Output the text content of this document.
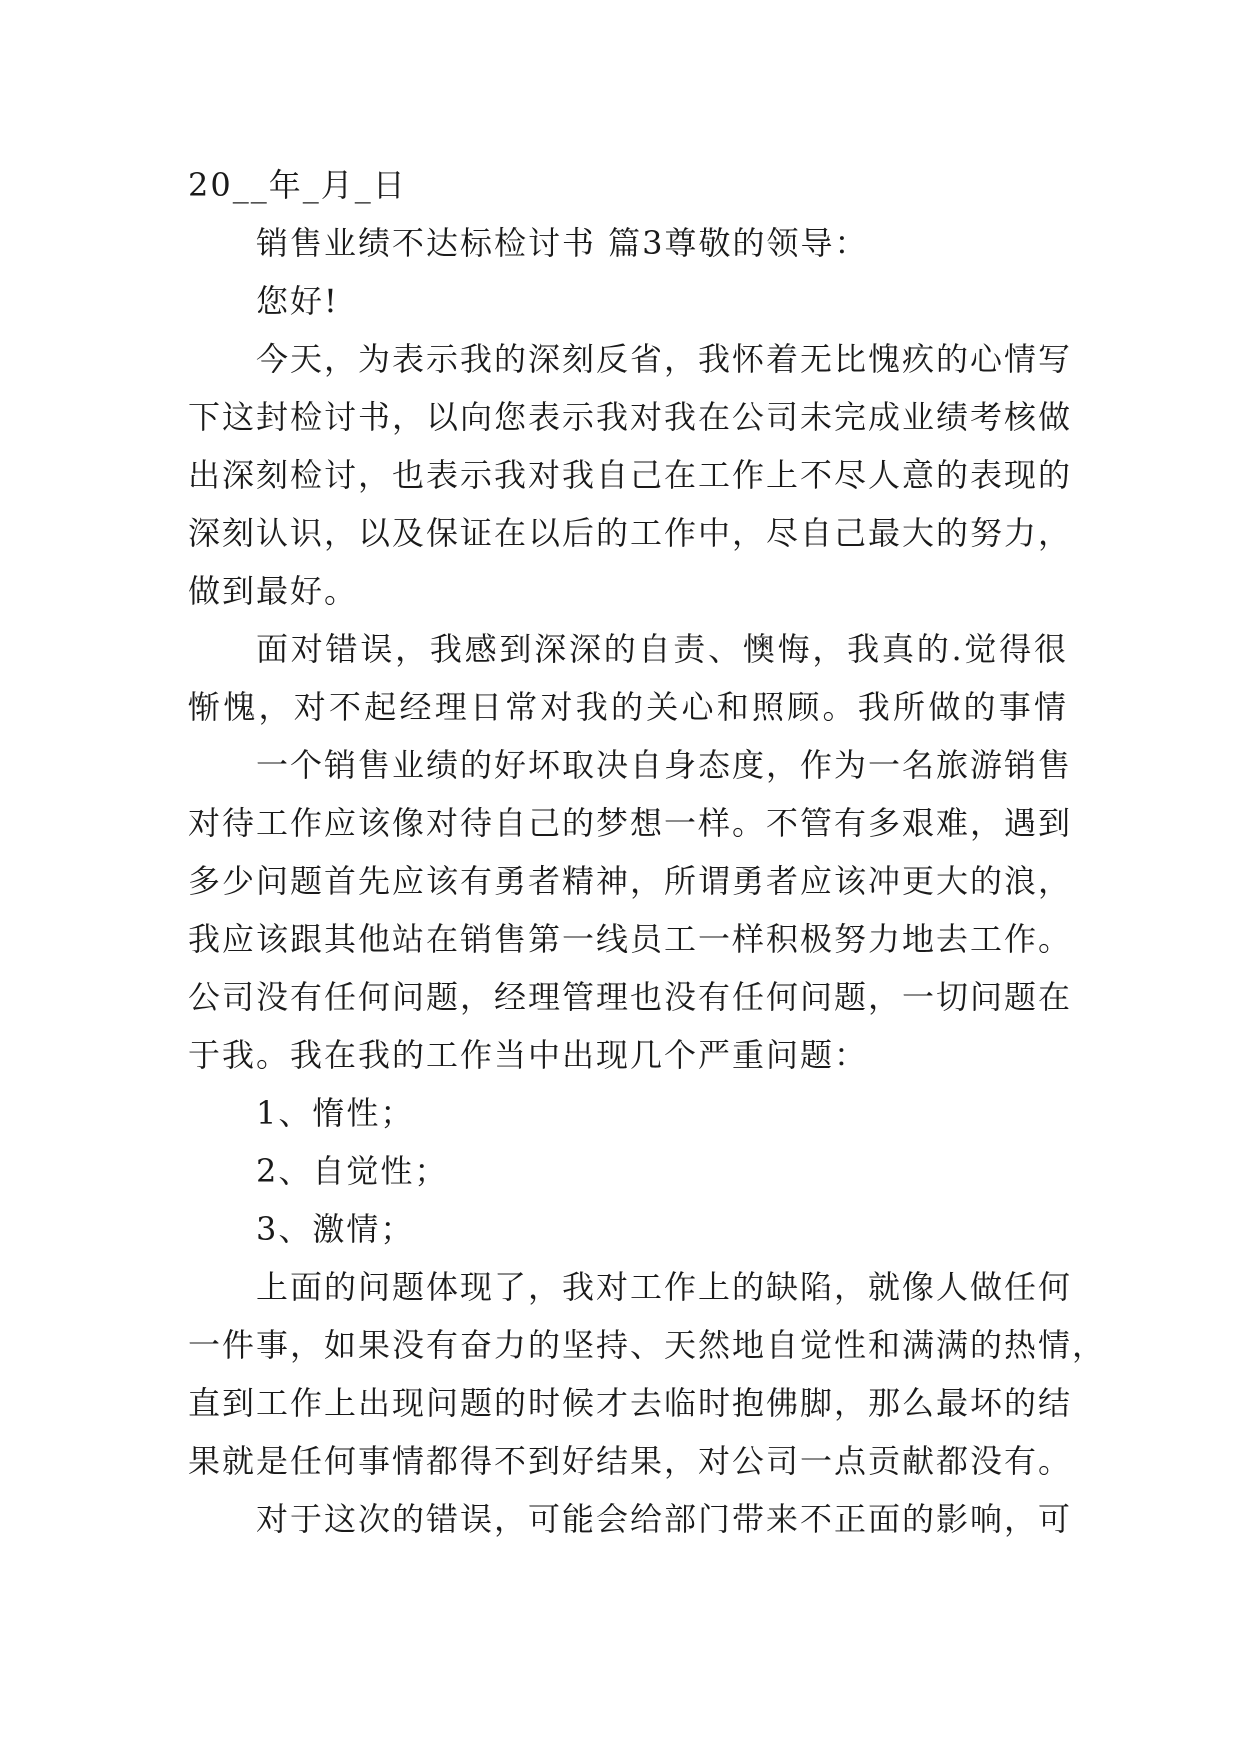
20__年_月_日
销售业绩不达标检讨书 篇3尊敬的领导：
您好!
今天，为表示我的深刻反省，我怀着无比愧疚的心情写
下这封检讨书，以向您表示我对我在公司未完成业绩考核做
出深刻检讨，也表示我对我自己在工作上不尽人意的表现的
深刻认识，以及保证在以后的工作中，尽自己最大的努力，
做到最好。
面对错误，我感到深深的自责、懊悔，我真的.觉得很
惭愧，对不起经理日常对我的关心和照顾。我所做的事情
一个销售业绩的好坏取决自身态度，作为一名旅游销售
对待工作应该像对待自己的梦想一样。不管有多艰难，遇到
多少问题首先应该有勇者精神，所谓勇者应该冲更大的浪，
我应该跟其他站在销售第一线员工一样积极努力地去工作。
公司没有任何问题，经理管理也没有任何问题，一切问题在
于我。我在我的工作当中出现几个严重问题：
1、惰性；
2、自觉性；
3、激情；
上面的问题体现了，我对工作上的缺陷，就像人做任何
一件事，如果没有奋力的坚持、天然地自觉性和满满的热情，
直到工作上出现问题的时候才去临时抱佛脚，那么最坏的结
果就是任何事情都得不到好结果，对公司一点贡献都没有。
对于这次的错误，可能会给部门带来不正面的影响，可
